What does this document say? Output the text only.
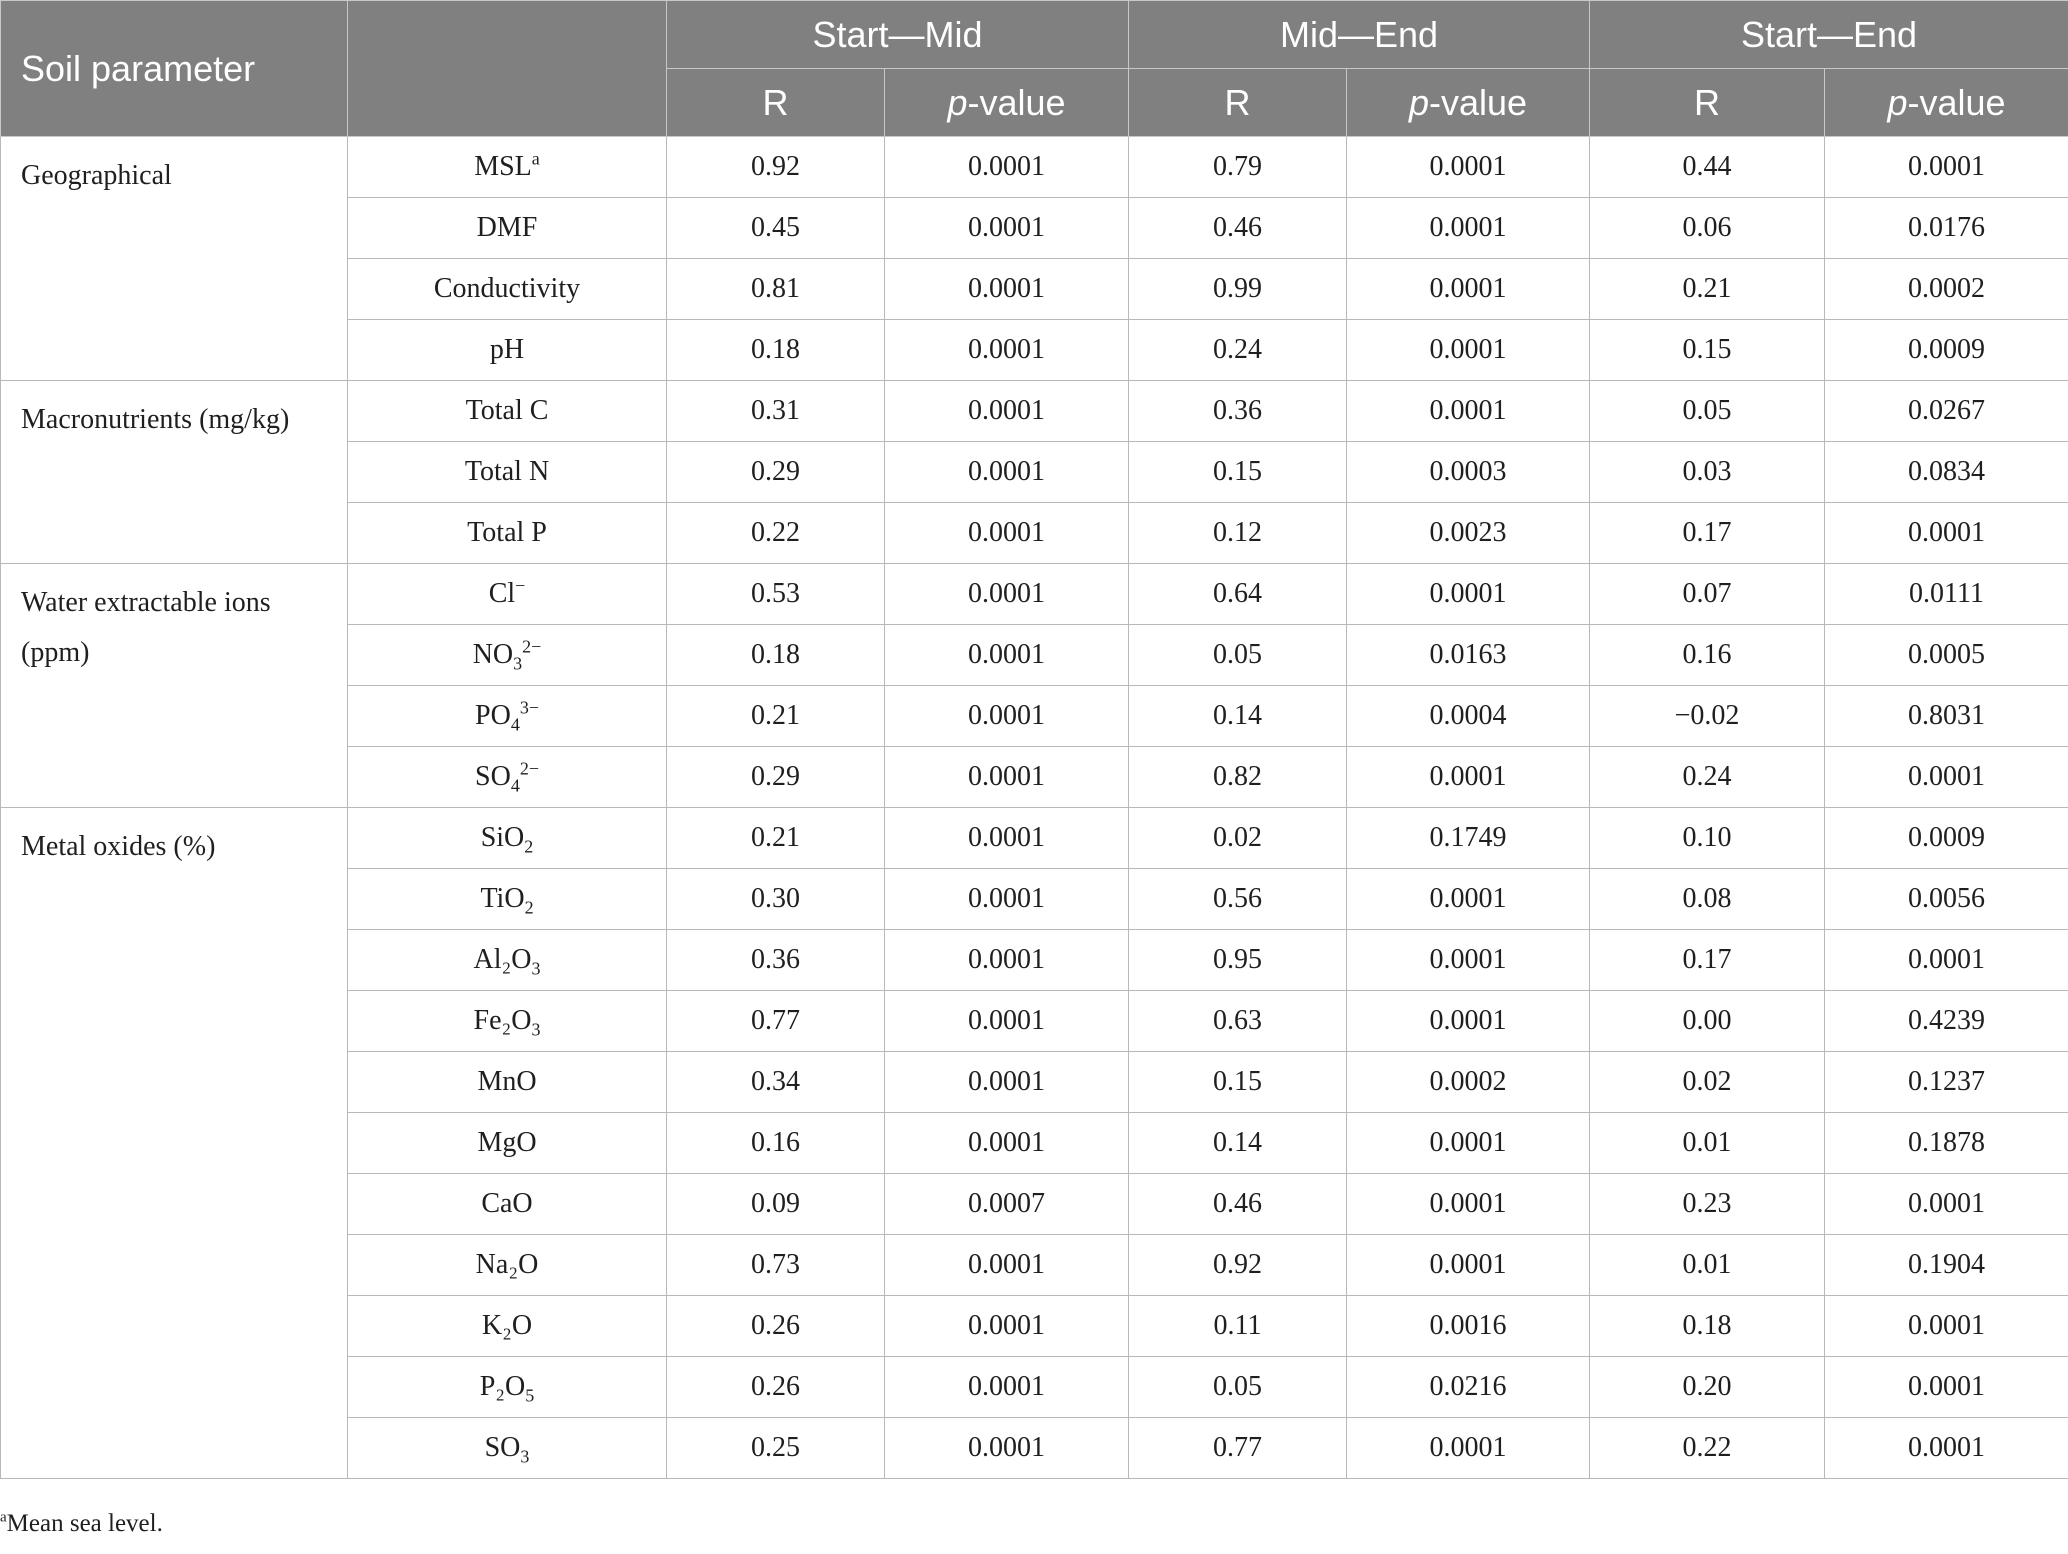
Soil parameter		Start—Mid		Mid—End		Start—End	
		R	p-value	R	p-value	R	p-value
Geographical	MSL$^a$	0.92	0.0001	0.79	0.0001	0.44	0.0001
	DMF	0.45	0.0001	0.46	0.0001	0.06	0.0176
	Conductivity	0.81	0.0001	0.99	0.0001	0.21	0.0002
	pH	0.18	0.0001	0.24	0.0001	0.15	0.0009
Macronutrients (mg/kg)	Total C	0.31	0.0001	0.36	0.0001	0.05	0.0267
	Total N	0.29	0.0001	0.15	0.0003	0.03	0.0834
	Total P	0.22	0.0001	0.12	0.0023	0.17	0.0001
Water extractable ions (ppm)	Cl−	0.53	0.0001	0.64	0.0001	0.07	0.0111
	$NO_3^{2-}$	0.18	0.0001	0.05	0.0163	0.16	0.0005
	$PO_4^{3-}$	0.21	0.0001	0.14	0.0004	−0.02	0.8031
	$SO_4^{2-}$	0.29	0.0001	0.82	0.0001	0.24	0.0001
Metal oxides (%)	SiO$_2$	0.21	0.0001	0.02	0.1749	0.10	0.0009
	TiO$_2$	0.30	0.0001	0.56	0.0001	0.08	0.0056
	$Al_2O_3$	0.36	0.0001	0.95	0.0001	0.17	0.0001
	$Fe_2O_3$	0.77	0.0001	0.63	0.0001	0.00	0.4239
	MnO	0.34	0.0001	0.15	0.0002	0.02	0.1237
	MgO	0.16	0.0001	0.14	0.0001	0.01	0.1878
	CaO	0.09	0.0007	0.46	0.0001	0.23	0.0001
	Na₂O	0.73	0.0001	0.92	0.0001	0.01	0.1904
	K₂O	0.26	0.0001	0.11	0.0016	0.18	0.0001
	$P_2O_5$	0.26	0.0001	0.05	0.0216	0.20	0.0001
	$SO_3$	0.25	0.0001	0.77	0.0001	0.22	0.0001
$^a$Mean sea level.
